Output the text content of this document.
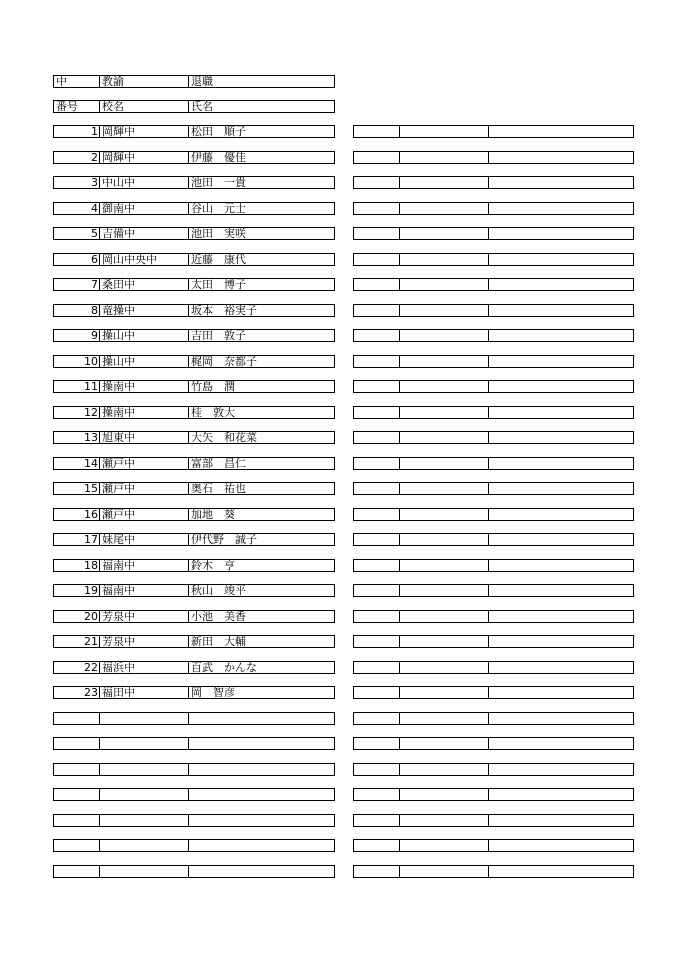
中	教諭	退職
番号	校名	氏名
1 岡輝中	松田　順子
2 岡輝中	伊藤　優佳
3 中山中	池田　一貴
4 御南中	谷山　元士
5 吉備中	池田　実咲
6 岡山中央中	近藤　康代
7 桑田中	太田　博子
8 竜操中	坂本　裕実子
9 操山中	吉田　敦子
10 操山中	梶岡　奈都子
11 操南中	竹島　潤
12 操南中	桂　敦大
13 旭東中	大矢　和花菜
14 瀬戸中	富部　昌仁
15 瀬戸中	奥石　祐也
16 瀬戸中	加地　葵
17 妹尾中	伊代野　誠子
18 福南中	鈴木　亨
19 福南中	秋山　竣平
20 芳泉中	小池　美香
21 芳泉中	新田　大輔
22 福浜中	百武　かんな
23 福田中	岡　智彦
